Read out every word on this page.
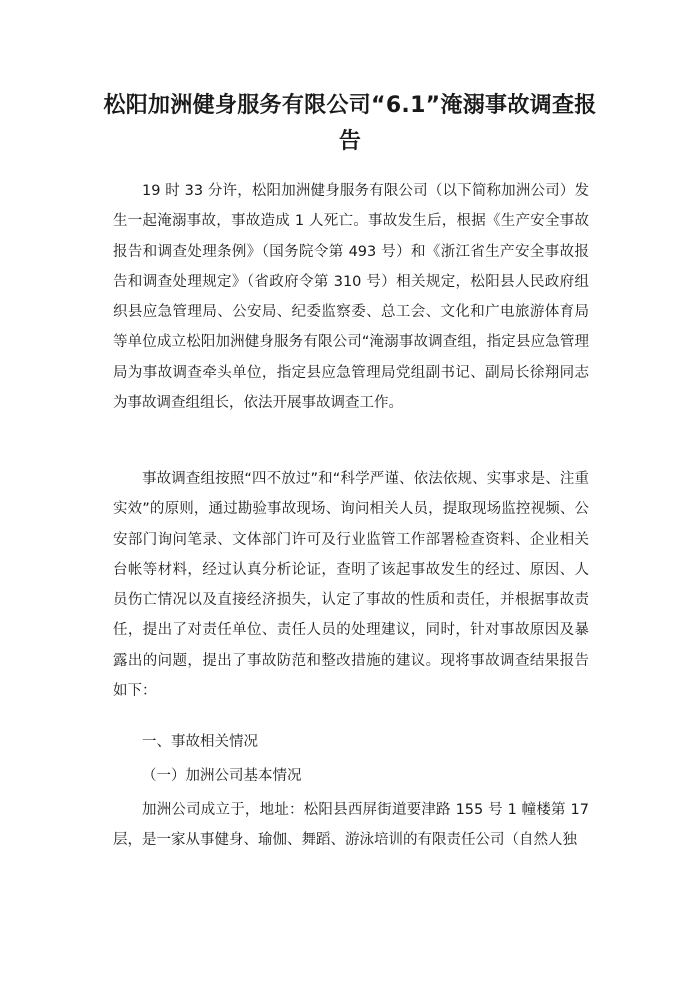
松阳加洲健身服务有限公司“6.1”淹溺事故调查报告

19 时 33 分许，松阳加洲健身服务有限公司（以下简称加洲公司）发生一起淹溺事故，事故造成 1 人死亡。事故发生后，根据《生产安全事故报告和调查处理条例》（国务院令第 493 号）和《浙江省生产安全事故报告和调查处理规定》（省政府令第 310 号）相关规定，松阳县人民政府组织县应急管理局、公安局、纪委监察委、总工会、文化和广电旅游体育局等单位成立松阳加洲健身服务有限公司“淹溺事故调查组，指定县应急管理局为事故调查牵头单位，指定县应急管理局党组副书记、副局长徐翔同志为事故调查组组长，依法开展事故调查工作。

事故调查组按照“四不放过”和“科学严谨、依法依规、实事求是、注重实效”的原则，通过勘验事故现场、询问相关人员，提取现场监控视频、公安部门询问笔录、文体部门许可及行业监管工作部署检查资料、企业相关台帐等材料，经过认真分析论证，查明了该起事故发生的经过、原因、人员伤亡情况以及直接经济损失，认定了事故的性质和责任，并根据事故责任，提出了对责任单位、责任人员的处理建议，同时，针对事故原因及暴露出的问题，提出了事故防范和整改措施的建议。现将事故调查结果报告如下：

一、事故相关情况

（一）加洲公司基本情况

加洲公司成立于，地址：松阳县西屏街道要津路 155 号 1 幢楼第 17 层，是一家从事健身、瑜伽、舞蹈、游泳培训的有限责任公司（自然人独
